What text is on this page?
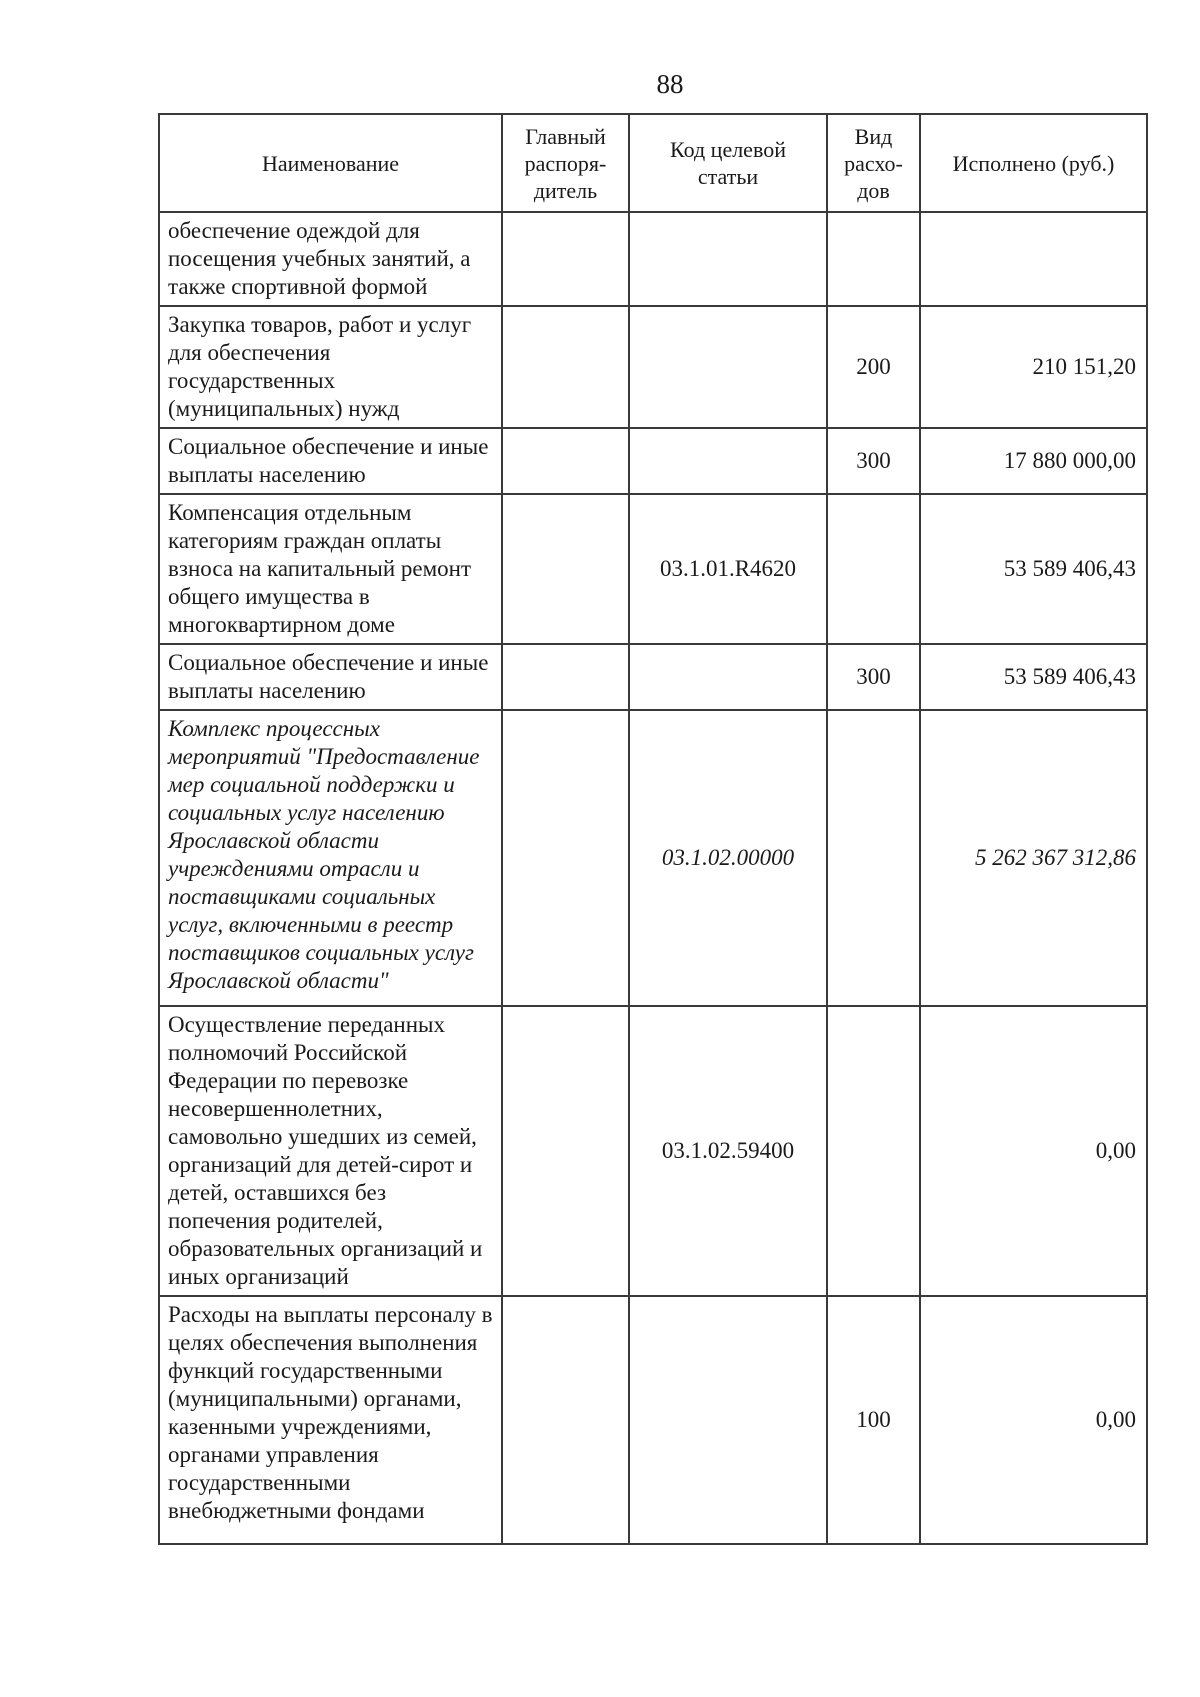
88
Наименование	Главный распоря-дитель	Код целевой статьи	Вид расхо-дов	Исполнено (руб.)
обеспечение одеждой для посещения учебных занятий, а также спортивной формой				
Закупка товаров, работ и услуг для обеспечения государственных (муниципальных) нужд			200	210 151,20
Социальное обеспечение и иные выплаты населению			300	17 880 000,00
Компенсация отдельным категориям граждан оплаты взноса на капитальный ремонт общего имущества в многоквартирном доме		03.1.01.R4620		53 589 406,43
Социальное обеспечение и иные выплаты населению			300	53 589 406,43
Комплекс процессных мероприятий "Предоставление мер социальной поддержки и социальных услуг населению Ярославской области учреждениями отрасли и поставщиками социальных услуг, включенными в реестр поставщиков социальных услуг Ярославской области"		03.1.02.00000		5 262 367 312,86
Осуществление переданных полномочий Российской Федерации по перевозке несовершеннолетних, самовольно ушедших из семей, организаций для детей-сирот и детей, оставшихся без попечения родителей, образовательных организаций и иных организаций		03.1.02.59400		0,00
Расходы на выплаты персоналу в целях обеспечения выполнения функций государственными (муниципальными) органами, казенными учреждениями, органами управления государственными внебюджетными фондами			100	0,00
